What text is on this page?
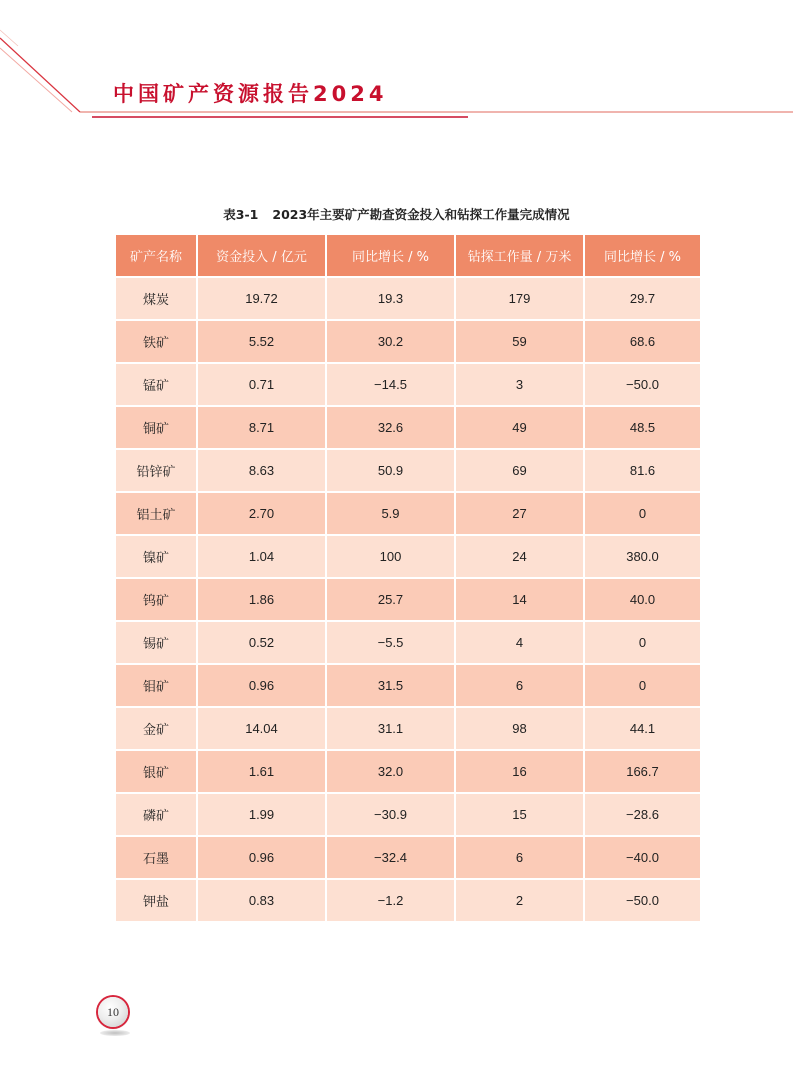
中国矿产资源报告2024

表3-1 2023年主要矿产勘查资金投入和钻探工作量完成情况

矿产名称	资金投入 / 亿元	同比增长 / %	钻探工作量 / 万米	同比增长 / %
煤炭	19.72	19.3	179	29.7
铁矿	5.52	30.2	59	68.6
锰矿	0.71	−14.5	3	−50.0
铜矿	8.71	32.6	49	48.5
铅锌矿	8.63	50.9	69	81.6
铝土矿	2.70	5.9	27	0
镍矿	1.04	100	24	380.0
钨矿	1.86	25.7	14	40.0
锡矿	0.52	−5.5	4	0
钼矿	0.96	31.5	6	0
金矿	14.04	31.1	98	44.1
银矿	1.61	32.0	16	166.7
磷矿	1.99	−30.9	15	−28.6
石墨	0.96	−32.4	6	−40.0
钾盐	0.83	−1.2	2	−50.0
10
